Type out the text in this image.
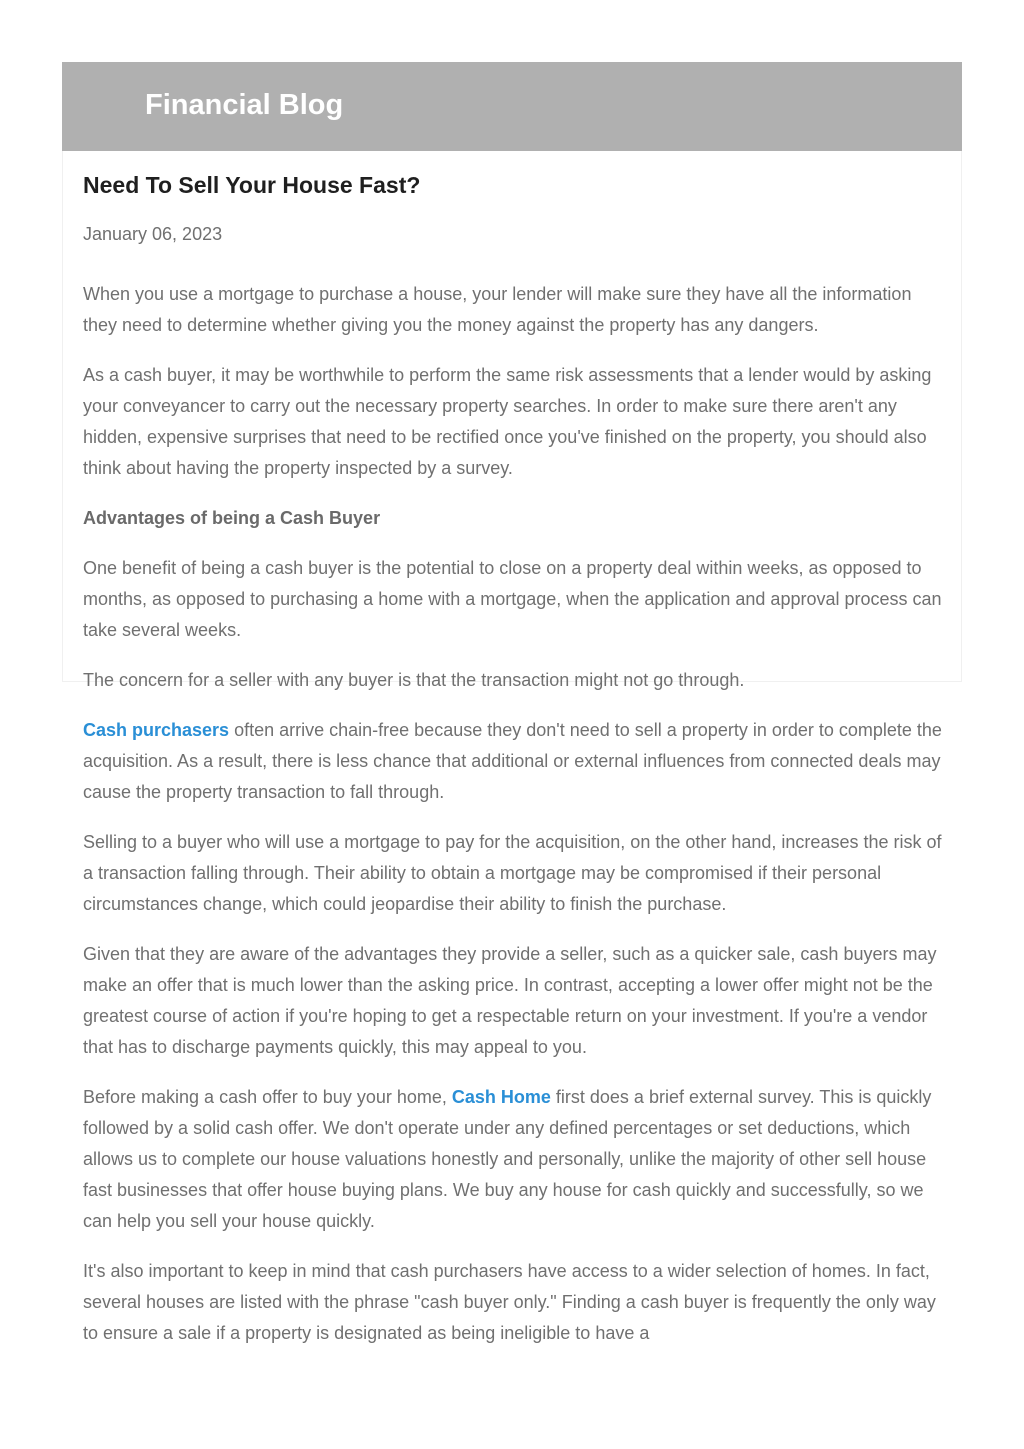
Financial Blog
Need To Sell Your House Fast?
January 06, 2023

When you use a mortgage to purchase a house, your lender will make sure they have all the information they need to determine whether giving you the money against the property has any dangers.

As a cash buyer, it may be worthwhile to perform the same risk assessments that a lender would by asking your conveyancer to carry out the necessary property searches. In order to make sure there aren't any hidden, expensive surprises that need to be rectified once you've finished on the property, you should also think about having the property inspected by a survey.

Advantages of being a Cash Buyer

One benefit of being a cash buyer is the potential to close on a property deal within weeks, as opposed to months, as opposed to purchasing a home with a mortgage, when the application and approval process can take several weeks.

The concern for a seller with any buyer is that the transaction might not go through.

Cash purchasers often arrive chain-free because they don't need to sell a property in order to complete the acquisition. As a result, there is less chance that additional or external influences from connected deals may cause the property transaction to fall through.

Selling to a buyer who will use a mortgage to pay for the acquisition, on the other hand, increases the risk of a transaction falling through. Their ability to obtain a mortgage may be compromised if their personal circumstances change, which could jeopardise their ability to finish the purchase.

Given that they are aware of the advantages they provide a seller, such as a quicker sale, cash buyers may make an offer that is much lower than the asking price. In contrast, accepting a lower offer might not be the greatest course of action if you're hoping to get a respectable return on your investment. If you're a vendor that has to discharge payments quickly, this may appeal to you.

Before making a cash offer to buy your home, Cash Home first does a brief external survey. This is quickly followed by a solid cash offer. We don't operate under any defined percentages or set deductions, which allows us to complete our house valuations honestly and personally, unlike the majority of other sell house fast businesses that offer house buying plans. We buy any house for cash quickly and successfully, so we can help you sell your house quickly.

It's also important to keep in mind that cash purchasers have access to a wider selection of homes. In fact, several houses are listed with the phrase "cash buyer only." Finding a cash buyer is frequently the only way to ensure a sale if a property is designated as being ineligible to have a
